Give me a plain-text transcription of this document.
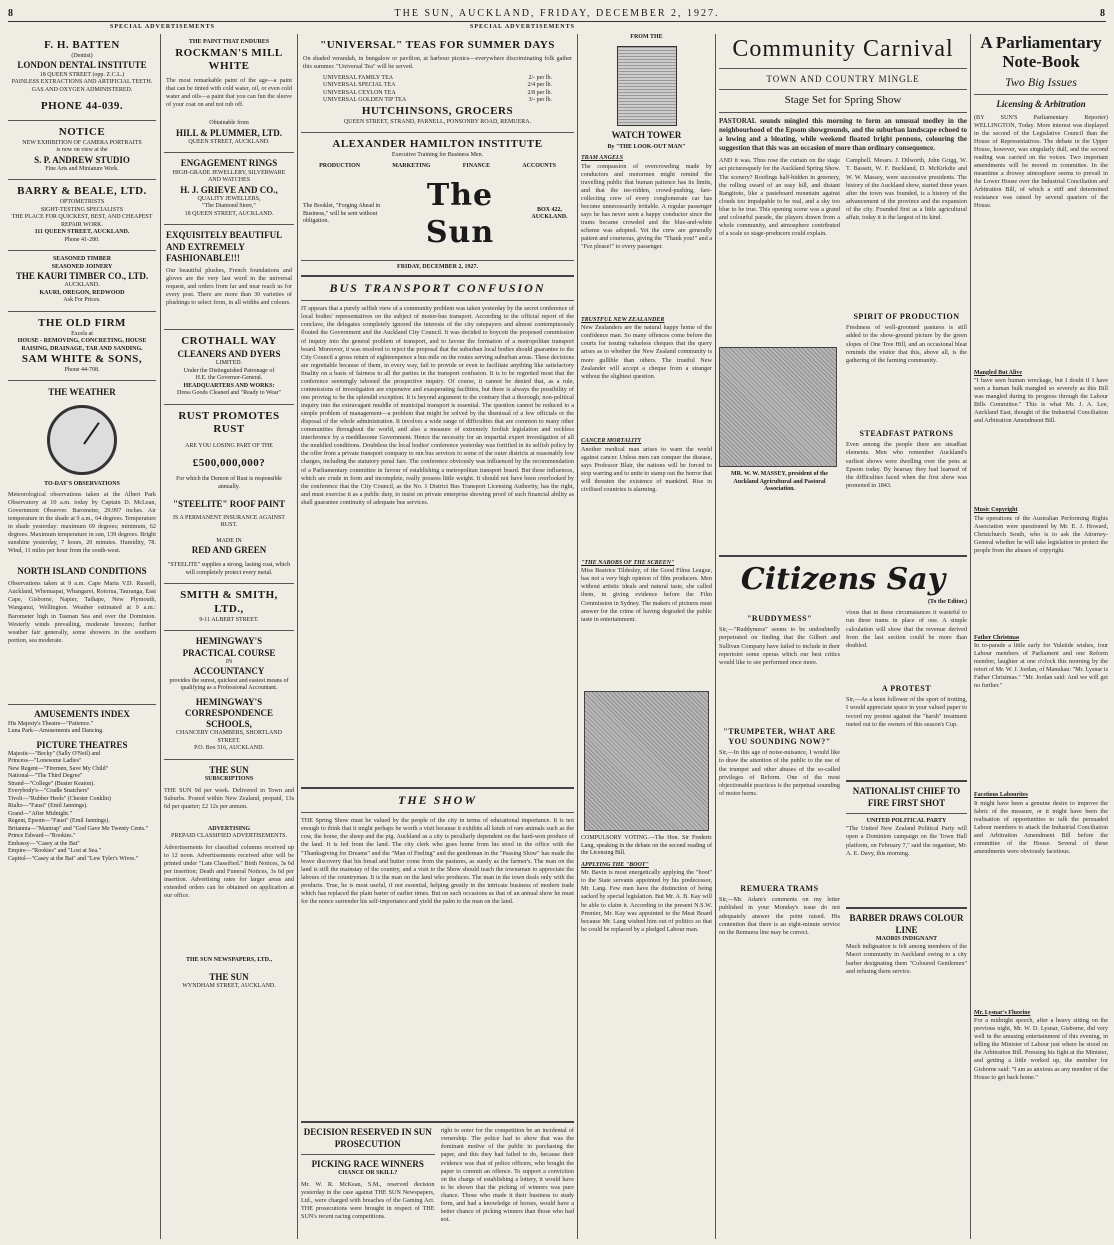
8	THE SUN, AUCKLAND, FRIDAY, DECEMBER 2, 1927.	8
SPECIAL ADVERTISEMENTS	SPECIAL ADVERTISEMENTS
F. H. BATTEN
(Dentist)
LONDON DENTAL INSTITUTE
18 QUEEN STREET (opp. Z.C.L.)
PAINLESS EXTRACTIONS AND ARTIFICIAL TEETH.
GAS AND OXYGEN ADMINISTERED.
PHONE 44-039.
NOTICE
NEW EXHIBITION OF CAMERA PORTRAITS
is now on view at the
S. P. ANDREW STUDIO
Fine Arts and Miniature Work.
BARRY & BEALE, LTD.
OPTOMETRISTS
SIGHT-TESTING SPECIALISTS
THE PLACE FOR QUICKEST, BEST, AND CHEAPEST REPAIR WORK.
111 QUEEN STREET, AUCKLAND.
Phone 41-280.
SEASONED TIMBER
SEASONED JOINERY
THE KAURI TIMBER CO., LTD.
AUCKLAND.
KAURI, OREGON, REDWOOD
Ask For Prices.
THE OLD FIRM
Excels at
HOUSE - REMOVING, CONCRETING, HOUSE RAISING, DRAINAGE, TAR AND SANDING.
SAM WHITE & SONS,
Phone 44-708.
THE WEATHER
TO-DAY'S OBSERVATIONS
Meteorological observations taken at the Albert Park Observatory at 10 a.m. today by Captain D. McLean, Government Observer. Barometer, 29.997 inches. Air temperature in the shade at 9 a.m., 64 degrees. Temperature in shade yesterday: maximum 69 degrees; minimum, 62 degrees. Maximum temperature in sun, 139 degrees. Bright sunshine yesterday, 7 hours, 20 minutes. Humidity, 78. Wind, 11 miles per hour from the south-west.
NORTH ISLAND CONDITIONS
Observations taken at 9 a.m. Cape Maria V.D. Russell, Auckland, Whenuapai, Whangarei, Rotorua, Tauranga, East Cape, Gisborne, Napier, Taihape, New Plymouth, Wanganui, Wellington. Weather estimated at 9 a.m.: Barometer high in Tasman Sea and over the Dominion. Westerly winds prevailing, moderate breezes; further weather fair generally, some showers in the southern portion, sea moderate.
AMUSEMENTS INDEX
His Majesty's Theatre—"Patience."
Luna Park—Amusements and Dancing.
PICTURE THEATRES
Majestic—"Becky" (Sally O'Neil) and
Princess—"Lonesome Ladies"
New Regent—"Firemen, Save My Child"
National—"The Third Degree"
Strand—"College" (Buster Keaton).
Everybody's—"Cradle Snatchers"
Tivoli—"Rubber Heels" (Chester Conklin)
Rialto—"Faust" (Emil Jannings).
Grand—"After Midnight."
Regent, Epsom—"Faust" (Emil Jannings).
Britannia—"Mantrap" and "God Gave Me Twenty Cents."
Prince Edward—"Rookies."
Embassy—"Casey at the Bat"
Empire—"Rookies" and "Lost at Sea."
Capitol—"Casey at the Bat" and "Lew Tyler's Wives."
THE PAINT THAT ENDURES
ROCKMAN'S MILL WHITE
The most remarkable paint of the age—a paint that can be tinted with cold water, oil, or even cold water and oils—a paint that you can fun the sleeve of your coat on and not rub off.
Obtainable from
HILL & PLUMMER, LTD.
QUEEN STREET, AUCKLAND.
ENGAGEMENT RINGS
HIGH-GRADE JEWELLERY, SILVERWARE AND WATCHES
H. J. GRIEVE AND CO.,
QUALITY JEWELLERS,
"The Diamond Store,"
18 QUEEN STREET, AUCKLAND.
EXQUISITELY BEAUTIFUL AND EXTREMELY FASHIONABLE!!!
Our beautiful plushes, French foundations and gloves are the very last word in the universal request, and orders from far and near reach us for every post. There are more than 30 varieties of plushings to select from, in all widths and colours.
CROTHALL WAY
CLEANERS AND DYERS
LIMITED.
Under the Distinguished Patronage of
H.E. the Governor-General.
HEADQUARTERS AND WORKS:
Dress Goods Cleaned and "Ready to Wear"
RUST PROMOTES RUST
ARE YOU LOSING PART OF THE
£500,000,000?
For which the Demon of Rust is responsible annually.
"STEELITE" ROOF PAINT
IS A PERMANENT INSURANCE AGAINST RUST.
MADE IN
RED AND GREEN
"STEELITE" supplies a strong, lasting coat, which will completely protect every metal.
SMITH & SMITH, LTD.,
9-11 ALBERT STREET.
HEMINGWAY'S
PRACTICAL COURSE
IN
ACCOUNTANCY
provides the surest, quickest and easiest means of qualifying as a Professional Accountant.
HEMINGWAY'S CORRESPONDENCE SCHOOLS,
CHANCERY CHAMBERS, SHORTLAND STREET.
P.O. Box 516, AUCKLAND.
THE SUN
SUBSCRIPTIONS
THE SUN 9d per week. Delivered in Town and Suburbs. Posted within New Zealand, prepaid, 13s 6d per quarter; £2 12s per annum.
ADVERTISING
PREPAID CLASSIFIED ADVERTISEMENTS.
Advertisements for classified columns received up to 12 noon. Advertisements received after will be printed under "Late Classified." Birth Notices, 3s 6d per insertion; Death and Funeral Notices, 3s 6d per insertion. Advertising rates for larger areas and extended orders can be obtained on application at our office.
THE SUN NEWSPAPERS, LTD.,
THE SUN
WYNDHAM STREET, AUCKLAND.
"UNIVERSAL" TEAS FOR SUMMER DAYS
On shaded verandah, in bungalow or pavilion, at harbour picnics—everywhere discriminating folk gather this summer. "Universal Tea" will be served.
UNIVERSAL FAMILY TEA	2/- per lb.
UNIVERSAL SPECIAL TEA	2/4 per lb.
UNIVERSAL CEYLON TEA	2/8 per lb.
UNIVERSAL GOLDEN TIP TEA	3/- per lb.
HUTCHINSONS, GROCERS
QUEEN STREET, STRAND, PARNELL, PONSONBY ROAD, REMUERA.
ALEXANDER HAMILTON INSTITUTE
Executive Training for Business Men.
PRODUCTION	MARKETING	FINANCE	ACCOUNTS
The Booklet, "Forging Ahead in Business," will be sent without obligation.
The Sun
BOX 422, AUCKLAND.
FRIDAY, DECEMBER 2, 1927.
BUS TRANSPORT CONFUSION
IT appears that a purely selfish view of a community problem was taken yesterday by the secret conference of local bodies' representatives on the subject of motor-bus transport. According to the official report of the conclave, the delegates completely ignored the interests of the city ratepayers and almost contemptuously flouted the Government and the Auckland City Council. It was decided to boycott the proposed commission of inquiry into the general problem of transport, and to favour the formation of a metropolitan transport board. Moreover, it was resolved to reject the proposal that the suburban local bodies should guarantee to the City Council a gross return of eighteenpence a bus mile on the routes serving suburban areas. These decisions are regrettable because of them, in every way, fail to provide or even to facilitate anything like satisfactory finality on a basis of fairness to all the parties in the transport confusion. It is to be regretted most that the conference seemingly tabooed the prospective inquiry. Of course, it cannot be denied that, as a rule, commissions of investigation are expensive and exasperating facilities, but there is always the possibility of one proving to be the splendid exception. It is beyond argument to the contrary that a thorough, non-political inquiry into the extravagant muddle of municipal transport is essential. The question cannot be reduced to a simple problem of management—a problem that might be solved by the dismissal of a few officials or the disposal of the whole administration. It involves a wide range of difficulties that are common to many other communities throughout the world, and also a measure of extremely foolish legislation and reckless interference by a meddlesome Government. Hence the necessity for an impartial expert investigation of all the muddled conditions. Doubtless the local bodies' conference yesterday was fortified in its selfish policy by the offer from a private transport company to run bus services to some of the outer districts at reasonably low charges, including the statutory penal fare. The conference obviously was influenced by the recommendation of a Parliamentary committee in favour of establishing a metropolitan transport board. But these influences, which are crude in form and incomplete, really possess little weight. It should not have been overlooked by the conference that the City Council, as the No. 1 District Bus Transport Licensing Authority, has the right, and must exercise it as a public duty, to insist on private enterprise showing proof of such financial ability as shall guarantee continuity of adequate bus services.
THE SHOW
THE Spring Show must be valued by the people of the city in terms of educational importance. It is not enough to think that it might perhaps be worth a visit because it exhibits all kinds of rare animals such as the cow, the horse, the sheep and the pig. Auckland as a city is peculiarly dependent on the hard-won produce of the land. It is fed from the land. The city clerk who goes home from his stool in the office with the "Thanksgiving for Dreams" and the "Man of Feeling" and the gentleman in the "Passing Show" has made the brave discovery that his bread and butter come from the pastures, as surely as the farmer's. The man on the land is still the mainstay of the country, and a visit to the Show should teach the townsman to appreciate the labours of the countryman. It is the man on the land who produces. The man in the town deals only with the products. True, he is most useful, if not essential, helping greatly in the intricate business of modern trade which has replaced the plain barter of earlier times. But on such occasions as that of an annual show he must for the nonce surrender his self-importance and yield the palm to the man on the land.
DECISION RESERVED IN SUN PROSECUTION
PICKING RACE WINNERS
CHANCE OR SKILL?
Mr. W. R. McKean, S.M., reserved decision yesterday in the case against THE SUN Newspapers, Ltd., were charged with breaches of the Gaming Act. THE prosecutions were brought in respect of THE SUN's recent racing competitions.
right to enter for the competition be an incidental of ownership. The police had to show that was the dominant motive of the public in purchasing the paper, and this they had failed to do, because their evidence was that of police officers, who bought the paper to commit an offence. To support a conviction on the charge of establishing a lottery, it would have to be shown that the picking of winners was pure chance. Those who made it their business to study form, and had a knowledge of horses, would have a better chance of picking winners than those who had not.
FROM THE
WATCH TOWER
By "THE LOOK-OUT MAN"
TRAM ANGELS
The compassion of overcrowding made by conductors and motormen might remind the travelling public that human patience has its limits, and that the tee-ridden, crowd-pushing, fare-collecting crew of every conglomerate car has become unnecessarily irritable. A regular passenger says he has never seen a happy conductor since the trams became crowded and the blue-and-white scheme was adopted. Yet the crew are generally patient and courteous, giving the "Thank you!" and a "Fez please!" to every passenger.
TRUSTFUL NEW ZEALANDER
New Zealanders are the natural happy home of the confidence man. So many offences come before the courts for issuing valueless cheques that the query arises as to whether the New Zealand community is more gullible than others. The trustful New Zealander will accept a cheque from a stranger without the slightest question.
CANCER MORTALITY
Another medical man arises to warn the world against cancer. Unless men can conquer the disease, says Professor Blair, the nations will be forced to stop warring and to unite to stamp out the horror that will threaten the existence of mankind. Rise in civilised countries is alarming.
"THE NABOBS OF THE SCREEN"
Miss Beatrice Tildesley, of the Good Films League, has not a very high opinion of film producers. Men without artistic ideals and natural taste, she called them, in giving evidence before the Film Commission in Sydney. The makers of pictures must answer for the crime of having degraded the public taste in entertainment.
COMPULSORY VOTING.—The Hon. Sir Frederic Lang, speaking in the debate on the second reading of the Licensing Bill.
APPLYING THE "BOOT"
Mr. Bavin is most energetically applying the "boot" to the State servants appointed by his predecessor, Mr. Lang. Few men have the distinction of being sacked by special legislation. But Mr. A. B. Kay will be able to claim it. According to the present N.S.W. Premier, Mr. Kay was appointed to the Meat Board because Mr. Lang wished him out of politics so that he could be replaced by a pledged Labour man.
Community Carnival
TOWN AND COUNTRY MINGLE
Stage Set for Spring Show
PASTORAL sounds mingled this morning to form an unusual medley in the neighbourhood of the Epsom showgrounds, and the suburban landscape echoed to a lowing and a bleating, while weekend floated bright pennons, colouring the suggestion that this was an occasion of more than ordinary consequence.
AND it was. Thus rose the curtain on the stage act picturesquely for the Auckland Spring Show. The scenery? Roofings half-hidden in greenery, the rolling sward of an easy hill, and distant Rangitoto, like a pasteboard mountain against clouds too impalpable to be real, and a sky too blue to be true. This opening scene was a grand and colourful parade, the players drawn from a whole community, and atmosphere contributed of a scale so stage-producers could explain.
MR. W. W. MASSEY, president of the Auckland Agricultural and Pastoral Association.
Campbell. Messrs. J. Dilworth, John Grigg, W. T. Bassett, W. F. Buckland, D. McKirkdie and W. W. Massey, were successive presidents. The history of the Auckland show, started three years after the town was founded, is a history of the advancement of the province and the expansion of the city. Founded first as a little agricultural affair, today it is the largest of its kind.
SPIRIT OF PRODUCTION
Freshness of well-groomed pastures is still added to the show-ground picture by the green slopes of One Tree Hill, and an occasional bleat reminds the visitor that this, above all, is the gathering of the farming community.
STEADFAST PATRONS
Even among the people there are steadfast elements. Men who remember Auckland's earliest shows were dwelling over the pens at Epsom today. By hearsay they had learned of the difficulties faced when the first show was promoted in 1843.
Citizens Say
(To the Editor.)
"RUDDYMESS"
Sir,—"Ruddymess" seems to be undoubtedly perpetrated on finding that the Gilbert and Sullivan Company have failed to include in their repertoire some operas which our best critics would like to see performed once more.
"TRUMPETER, WHAT ARE YOU SOUNDING NOW?"
Sir,—In this age of noise-nuisance, I would like to draw the attention of the public to the use of the trumpet and other abuses of the so-called privileges of Reform. One of the most objectionable practices is the perpetual sounding of motor horns.
REMUERA TRAMS
Sir,—Mr. Adam's comments on my letter published in your Monday's issue do not adequately answer the point raised. His contention that there is an eight-minute service on the Remuera line may be correct.
vious that in these circumstances it wasteful to run three trams in place of one. A simple calculation will show that the revenue derived from the last section could be more than doubled.
A PROTEST
Sir,—As a keen follower of the sport of trotting, I would appreciate space in your valued paper to record my protest against the "harsh" treatment meted out to the owners of this season's Cup.
NATIONALIST CHIEF TO FIRE FIRST SHOT
UNITED POLITICAL PARTY
"The United New Zealand Political Party will open a Dominion campaign on the Town Hall platform, on February 7," said the organiser, Mr. A. E. Davy, this morning.
BARBER DRAWS COLOUR LINE
MAORIS INDIGNANT
Much indignation is felt among members of the Maori community in Auckland owing to a city barber designating them "Coloured Gentlemen" and refusing them service.
A Parliamentary Note-Book
Two Big Issues
Licensing & Arbitration
(BY SUN'S Parliamentary Reporter) WELLINGTON, Today. More interest was displayed in the second of the Legislative Council than the House of Representatives. The debate in the Upper House, however, was singularly dull, and the second reading was carried on the voices. Two important amendments will be moved in committee. In the meantime a drowsy atmosphere seems to prevail in the Lower House over the Industrial Conciliation and Arbitration Bill, of which a stiff and determined resistance was raised by several quarters of the House.
Mangled But Alive
"I have seen human wreckage, but I doubt if I have seen a human hulk mangled so severely as this Bill was mangled during its progress through the Labour Bills Committee." This is what Mr. J. A. Lee, Auckland East, thought of the Industrial Conciliation and Arbitration Amendment Bill.
Music Copyright
The operations of the Australian Performing Rights Association were questioned by Mr. E. J. Howard, Christchurch South, who is to ask the Attorney-General whether he will take legislation to protect the people from the abuses of copyright.
Father Christmas
In to-parade a little early for Yuletide wishes, four Labour members of Parliament and one Reform member, laughter at one o'clock this morning by the retort of Mr. W. J. Jordan, of Manukau: "Mr. Lysnar is Father Christmas." "Mr. Jordan said: And we will get no further."
Facetious Labourites
It might have been a genuine desire to improve the fabric of the measure, or it might have been the realisation of opportunities to talk the persuaded Labour members to attack the Industrial Conciliation and Arbitration Amendment Bill before the committee of the House. Several of these amendments were obviously facetious.
Mr. Lysnar's Fluorine
For a midnight speech, after a heavy sitting on the previous night, Mr. W. D. Lysnar, Gisborne, did very well in the amusing entertainment of this evening, in telling the Minister of Labour just where he stood on the Arbitration Bill. Pressing his fight at the Minister, and getting a little worked up, the member for Gisborne said: "I am as anxious as any member of the House to get back home."
